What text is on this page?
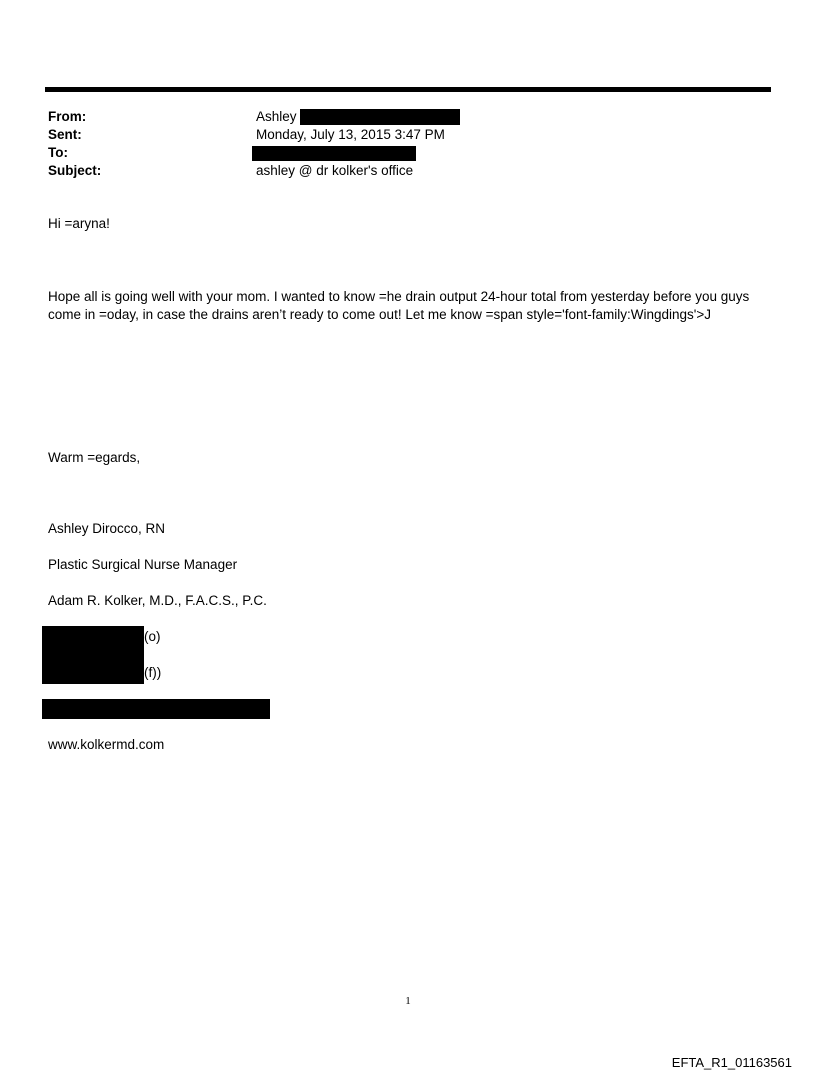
From:	Ashley
Sent:	Monday, July 13, 2015 3:47 PM
To:
Subject:	ashley @ dr kolker's office
Hi =aryna!
Hope all is going well with your mom. I wanted to know =he drain output 24-hour total from yesterday before you guys
come in =oday, in case the drains aren’t ready to come out! Let me know =span style='font-family:Wingdings'>J
Warm =egards,
Ashley Dirocco, RN
Plastic Surgical Nurse Manager
Adam R. Kolker, M.D., F.A.C.S., P.C.
(o)
(f))
www.kolkermd.com
1
EFTA_R1_01163561
